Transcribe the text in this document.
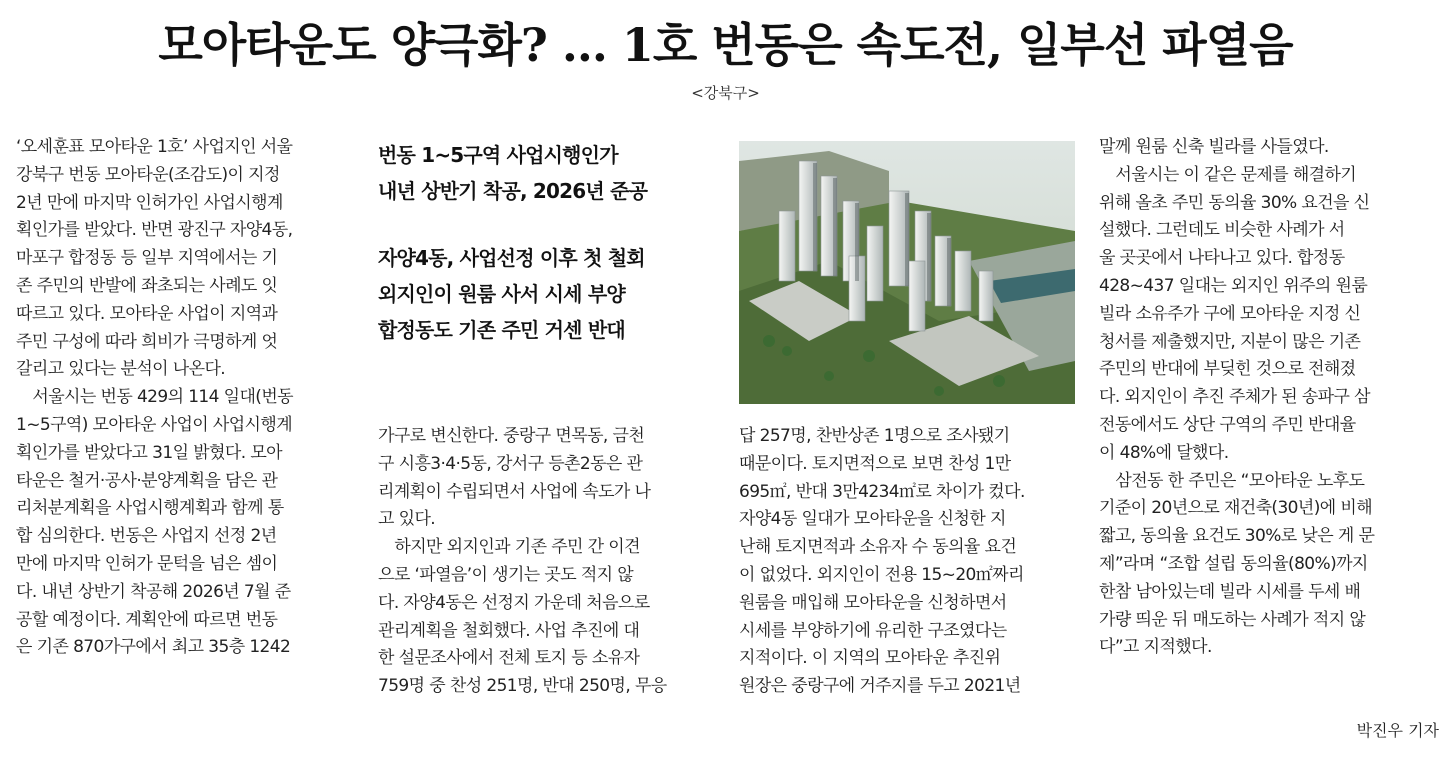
모아타운도 양극화? … 1호 번동은 속도전, 일부선 파열음
<강북구>
‘오세훈표 모아타운 1호’ 사업지인 서울
강북구 번동 모아타운(조감도)이 지정
2년 만에 마지막 인허가인 사업시행계
획인가를 받았다. 반면 광진구 자양4동,
마포구 합정동 등 일부 지역에서는 기
존 주민의 반발에 좌초되는 사례도 잇
따르고 있다. 모아타운 사업이 지역과
주민 구성에 따라 희비가 극명하게 엇
갈리고 있다는 분석이 나온다.
　서울시는 번동 429의 114 일대(번동
1~5구역) 모아타운 사업이 사업시행계
획인가를 받았다고 31일 밝혔다. 모아
타운은 철거·공사·분양계획을 담은 관
리처분계획을 사업시행계획과 함께 통
합 심의한다. 번동은 사업지 선정 2년
만에 마지막 인허가 문턱을 넘은 셈이
다. 내년 상반기 착공해 2026년 7월 준
공할 예정이다. 계획안에 따르면 번동
은 기존 870가구에서 최고 35층 1242
번동 1~5구역 사업시행인가
내년 상반기 착공, 2026년 준공
자양4동, 사업선정 이후 첫 철회
외지인이 원룸 사서 시세 부양
합정동도 기존 주민 거센 반대
가구로 변신한다. 중랑구 면목동, 금천
구 시흥3·4·5동, 강서구 등촌2동은 관
리계획이 수립되면서 사업에 속도가 나
고 있다.
　하지만 외지인과 기존 주민 간 이견
으로 ‘파열음’이 생기는 곳도 적지 않
다. 자양4동은 선정지 가운데 처음으로
관리계획을 철회했다. 사업 추진에 대
한 설문조사에서 전체 토지 등 소유자
759명 중 찬성 251명, 반대 250명, 무응
답 257명, 찬반상존 1명으로 조사됐기
때문이다. 토지면적으로 보면 찬성 1만
695㎡, 반대 3만4234㎡로 차이가 컸다.
자양4동 일대가 모아타운을 신청한 지
난해 토지면적과 소유자 수 동의율 요건
이 없었다. 외지인이 전용 15~20㎡짜리
원룸을 매입해 모아타운을 신청하면서
시세를 부양하기에 유리한 구조였다는
지적이다. 이 지역의 모아타운 추진위
원장은 중랑구에 거주지를 두고 2021년
말께 원룸 신축 빌라를 사들였다.
　서울시는 이 같은 문제를 해결하기
위해 올초 주민 동의율 30% 요건을 신
설했다. 그런데도 비슷한 사례가 서
울 곳곳에서 나타나고 있다. 합정동
428~437 일대는 외지인 위주의 원룸
빌라 소유주가 구에 모아타운 지정 신
청서를 제출했지만, 지분이 많은 기존
주민의 반대에 부딪힌 것으로 전해졌
다. 외지인이 추진 주체가 된 송파구 삼
전동에서도 상단 구역의 주민 반대율
이 48%에 달했다.
　삼전동 한 주민은 “모아타운 노후도
기준이 20년으로 재건축(30년)에 비해
짧고, 동의율 요건도 30%로 낮은 게 문
제”라며 “조합 설립 동의율(80%)까지
한참 남아있는데 빌라 시세를 두세 배
가량 띄운 뒤 매도하는 사례가 적지 않
다”고 지적했다.
박진우 기자
